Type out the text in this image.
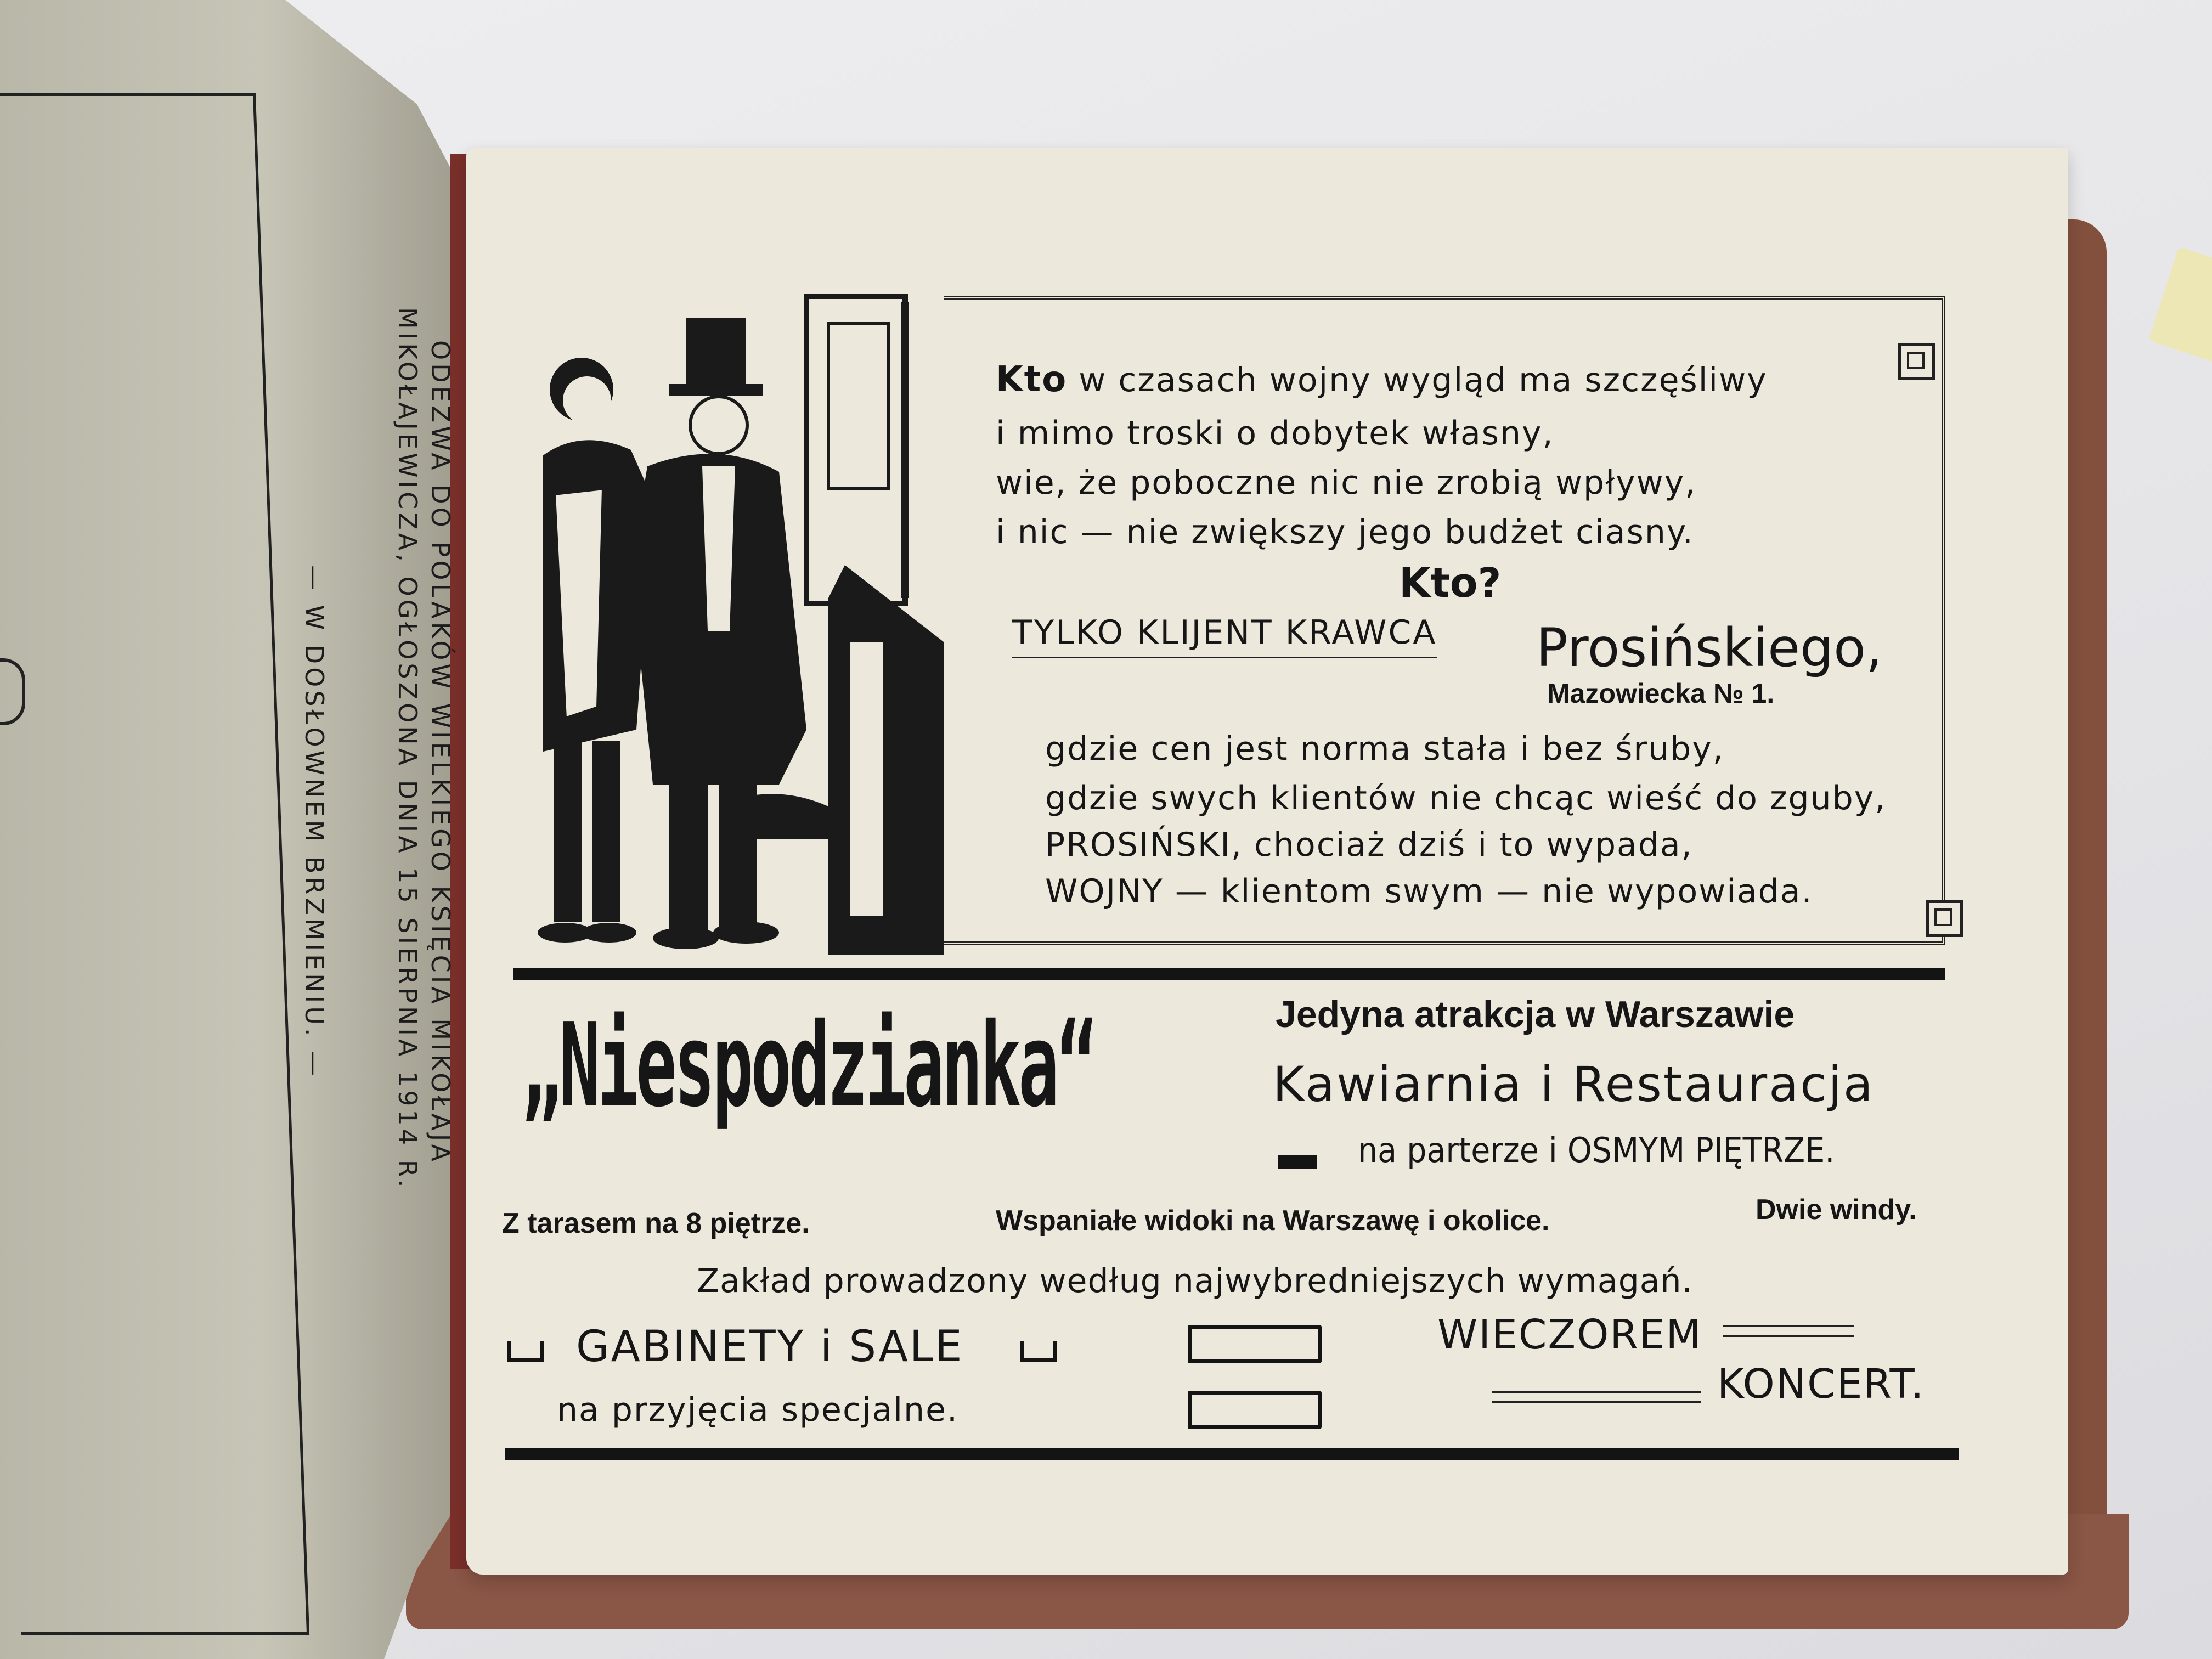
ODEZWA DO POLAKÓW WIELKIEGO KSIĘCIA MIKOŁAJA
MIKOŁAJEWICZA, OGŁOSZONA DNIA 15 SIERPNIA 1914 R.
— W DOSŁOWNEM BRZMIENIU. —
Kto w czasach wojny wygląd ma szczęśliwy
i mimo troski o dobytek własny,
wie, że poboczne nic nie zrobią wpływy,
i nic — nie zwiększy jego budżet ciasny.
Kto?
TYLKO KLIJENT KRAWCA Prosińskiego,
Mazowiecka № 1.
gdzie cen jest norma stała i bez śruby,
gdzie swych klientów nie chcąc wieść do zguby,
PROSIŃSKI, chociaż dziś i to wypada,
WOJNY — klientom swym — nie wypowiada.
„Niespodzianka“	Jedyna atrakcja w Warszawie
Kawiarnia i Restauracja
na parterze i OSMYM PIĘTRZE.
Z tarasem na 8 piętrze.	Wspaniałe widoki na Warszawę i okolice.	Dwie windy.
Zakład prowadzony według najwybredniejszych wymagań.
GABINETY i SALE
na przyjęcia specjalne.
WIECZOREM
KONCERT.
